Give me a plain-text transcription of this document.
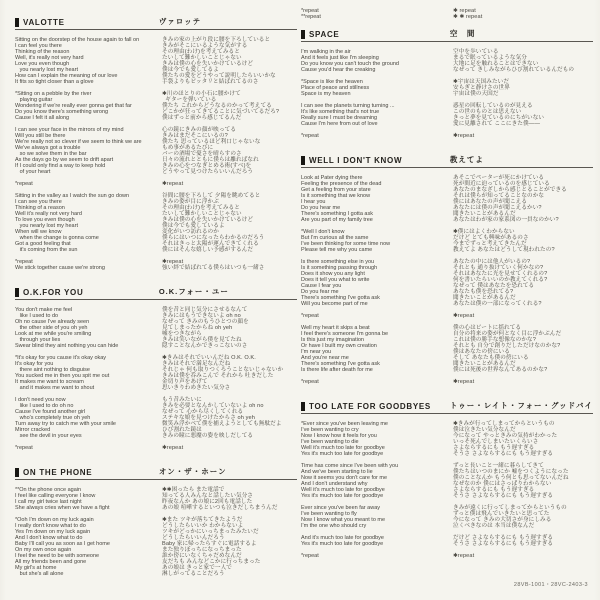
VALOTTE	ヴァロッテ
Sitting on the doorstep of the house again to fall on
I can feel you there
Thinking of the reason
Well, it's really not very hard
Love you even though
you nearly lost my heart
How can I explain the meaning of our love
It fits so tight closer than a glove
*Sitting on a pebble by the river
playing guitar
Wondering if we're really ever gonna get that far
Do you know there's something wrong
Cause I felt it all along
I can see your face in the mirrors of my mind
Will you still be there
We're really not so clever if we seem to think we are
We've always got a trouble
so we solve them in the bar
As the days go by we seem to drift apart
If I could only find a way to keep hold
of your heart
*repeat
Sitting in the valley as I watch the sun go down
I can see you there
Thinking of a reason
Well it's really not very hard
To love you even though
you nearly lost my heart
When will we know
when the change is gonna come
Got a good feeling that
it's coming from the sun
*repeat
We stick together cause we're strong
きみの家の上がり段に腰を下ろしていると
きみがそこにいるような気がする
その理由(わけ)を考えてみると
たいして難かしいことじゃない
きみは僕の心を失いかけているけど
僕は今でも愛してるよ
僕たちの愛をどうやって説明したらいいかな
手袋よりもピッタリと結ばれてるのさ
✱川のほとりの小石に腰かけて
ギターを弾いている
僕たち これからどうなるのかって考えてる
どこかが狂ってきてることに気づいてるだろ?
僕はずっと前から感じてるんだ
心の鏡にきみの顔が映ってる
きみはまだそこにいるの?
僕たち 思っているほど利口じゃないな
もめ事があるたびに
バーの酒場で憂さを晴らすのさ
日々の流れとともに僕らは離ればなれ
きみの心をつなぎとめる術(すべ)を
どうやって見つけたらいいんだろう
✱repeat
谷間に腰を下ろして 夕陽を眺めてると
きみの姿が目に浮かぶ
その理由(わけ)を考えてみると
たいして難かしいことじゃない
きみは僕の心を失いかけているけど
僕は今でも愛しているよ
変化がいつ訪れるのか
僕らにはいつになったらわかるのだろう
それはきっと太陽が運んできてくれる
僕にはそんな嬉しい予感がするんだ
✱repeat
強い絆で結ばれてる僕らはいつも一緒さ
O.K.FOR YOU	O.K.フォー・ユー
You don't make me feel
like I used to do
Oh no cause I've already seen
the other side of you oh yeh
Look at me while you're smiling
through your lies
Swear blind they aint nothing you can hide
*It's okay for you cause it's okay okay
It's okay for you
there aint nothing to disguise
You sucked me in then you spit me out
It makes me want to scream
and it makes me want to shout
I don't need you now
like I used to do oh no
Cause I've found another girl
who's completely true oh yeh
Turn away try to catch me with your smile
Mirror cracked
see the devil in your eyes
*repeat
僕を昔と同じ気分にさせるなんて
きみにはもうできないよ oh no
なぜって きみのもうひとつの顔を
見てしまったからね oh yeh
嘘をつきながら
きみは笑いながら僕を見てたね
隠すことなんかできっこないのさ
✱きみはそれでいいんだね O.K. O.K.
きみはそれで満足なんだね
それじゃ 何も取りつくろうことないじゃないか
きみは僕を呑みこんで それから 吐きだした
金切り声をあげて
思いきりわめきたい気分さ
もう昔みたいに
きみを必要となんかしていないよ oh no
なぜって 心から尽くしてくれる
ステキな娘を見つけたからさ oh yeh
微笑み浮かべて僕を捕えようとしても無駄だよ
ひび割れた鏡は
きみの瞳に悪魔の姿を映しだしてる
✱repeat
ON THE PHONE	オン・ザ・ホーン
**On the phone once again
I feel like calling everyone I know
I call my girl twice last night
She always cries when we have a fight
*Ooh I'm down on my luck again
I really don't know what to do
Yes I'm down on my luck again
And I don't know what to do
Baby I'll call you as soon as I get home
On my own once again
I feel the need to be with someone
All my friends been and gone
My girl's at home
but she's all alone
✱✱困ったら また電話で
知ってる人みんなと話したい気分さ
昨夜なんか あの娘に2回も電話した
あの娘 喧嘩するといつも泣きだしちまうんだ
✱また ツキが落ちてきたようだ
どうしたらいいか わからないよ
ツキがどっかにいっちまったみたいだ
どうしたらいいんだろう
Baby 家に帰ったらすぐに電話するよ
また独りぼっちになっちまった
誰か傍にいなくちゃだめなんだ
友だちも みんなどこかに行っちまった
あの娘は きっと家で一人で
淋しがってることだろう
*repeat
**repeat
✱ repeat
✱ ✱ repeat
SPACE	空　間
I'm walking in the air
And it feels just like I'm sleeping
Do you know you can't touch the ground
Cause you'd hear the creaking
*Space is like the heaven
Place of peace and stillness
Space is my heaven
I can see the planets turning turning ...
It's like something that's not true
Really sure I must be dreaming
Cause I'm here from out of love
*repeat
空中を歩いている
まるで眠っているような気分
大地に足を触れることはできない
なぜって きしみながらひび割れているんだもの
✱宇宙は天国みたいだ
安らぎと静けさの世界
宇宙は僕の天国だ
惑星の回転しているのが見える
この世のものとは思えない
きっと夢を見ているのにちがいない
愛に見離されて ここにきた僕——
✱repeat
WELL I DON'T KNOW	教えてよ
Look at Pater dying there
Feeling the presence of the dead
Get a feeling from your stare
Is it something that we know
I hear you
Do you hear me
There's something I gotta ask
Are you part of my family tree
*Well I don't know
But I'm curious all the same
I've been thinking for some time now
Please tell me why you came
Is there something else in you
Is it something passing through
Does it show you any light
Does it tell you what to write
Cause I fear you
Do you fear me
There's something I've gotta ask
Will you become part of me
*repeat
Well my heart it skips a beat
I feel there's someone I'm gonna be
Is this just my imagination
Or have I built my own creation
I'm near you
And you're near me
There's something I've gotta ask
Is there life after death for me
*repeat
あそこでペーターが死にかけている
死が間近に迫っているのを感じている
あなたのまなざしから感じとることができる
それは僕らが知ってることなのかな
僕にはあなたの声が聞こえる
あなたには僕の声が聞こえるかい?
聞きたいことがあるんだ
あなたはわが家の家系図の一員なのかい?
✱僕にはよくわからない
だけど とても興味があるのさ
今までずっと考えてきたんだ
教えてよ あなたはどうして現われたの?
あなたの中には他人がいるの?
それとも 通り抜けていく何かなの?
それはあなたに光を見せてくれるの?
何を書いたらいいのか教えてくれる?
なぜって 僕はあなたを恐れてる
あなたも僕を恐れてる?
聞きたいことがあるんだ
あなたは僕の一部になってくれる?
✱repeat
僕の心はビートに揺れてる
自分の将来の姿が何となく目に浮かぶんだ
これは僕の勝手な想像なのかな?
それとも 自分で創りだしただけなのかな?
僕はあなたの傍にいる
そして あなたも僕の傍にいる
聞きたいことがあるんだ
僕には死後の世界なんてあるのかな?
✱repeat
TOO LATE FOR GOODBYES	トゥー・レイト・フォー・グッドバイ
*Ever since you've been leaving me
I've been wanting to cry
Now I know how it feels for you
I've been wanting to die
Well it's much too late for goodbye
Yes it's much too late for goodbye
Time has come since I've been with you
And we've been starting to lie
Now it seems you don't care for me
And I don't understand why
Well it's much too late for goodbye
Yes it's much too late for goodbye
Ever since you've been far away
I've been wanting to fly
Now I know what you meant to me
I'm the one who should cry
And it's much too late for goodbye
Yes it's much too late for goodbye
*repeat
✱きみが行ってしまってからというもの
僕は泣きたい気分なんだ
今になって やっときみの気持がわかった
いっそ死んでしまいたいくらいさ
さよならするにも もう遅すぎる
そうさ さよならするにも もう遅すぎる
ずっと長いこと一緒に暮らしてきて
僕たちはいつのまにか 嘘をつくようになった
僕のことなんか もう何とも思ってないんだね
なぜなのか 僕にはさっぱりわからない
さよならするにも もう遅すぎる
そうさ さよならするにも もう遅すぎる
きみが遠くに行ってしまってからというもの
ずっと僕は飛んでいきたいと思ってた
今になって きみの大切さが身にしみる
泣くべきなのは 本当は僕なんだ
だけど さよならするにも もう遅すぎる
そうさ さよならするにも もう遅すぎる
✱repeat
28VB-1001・28VC-2403-3
